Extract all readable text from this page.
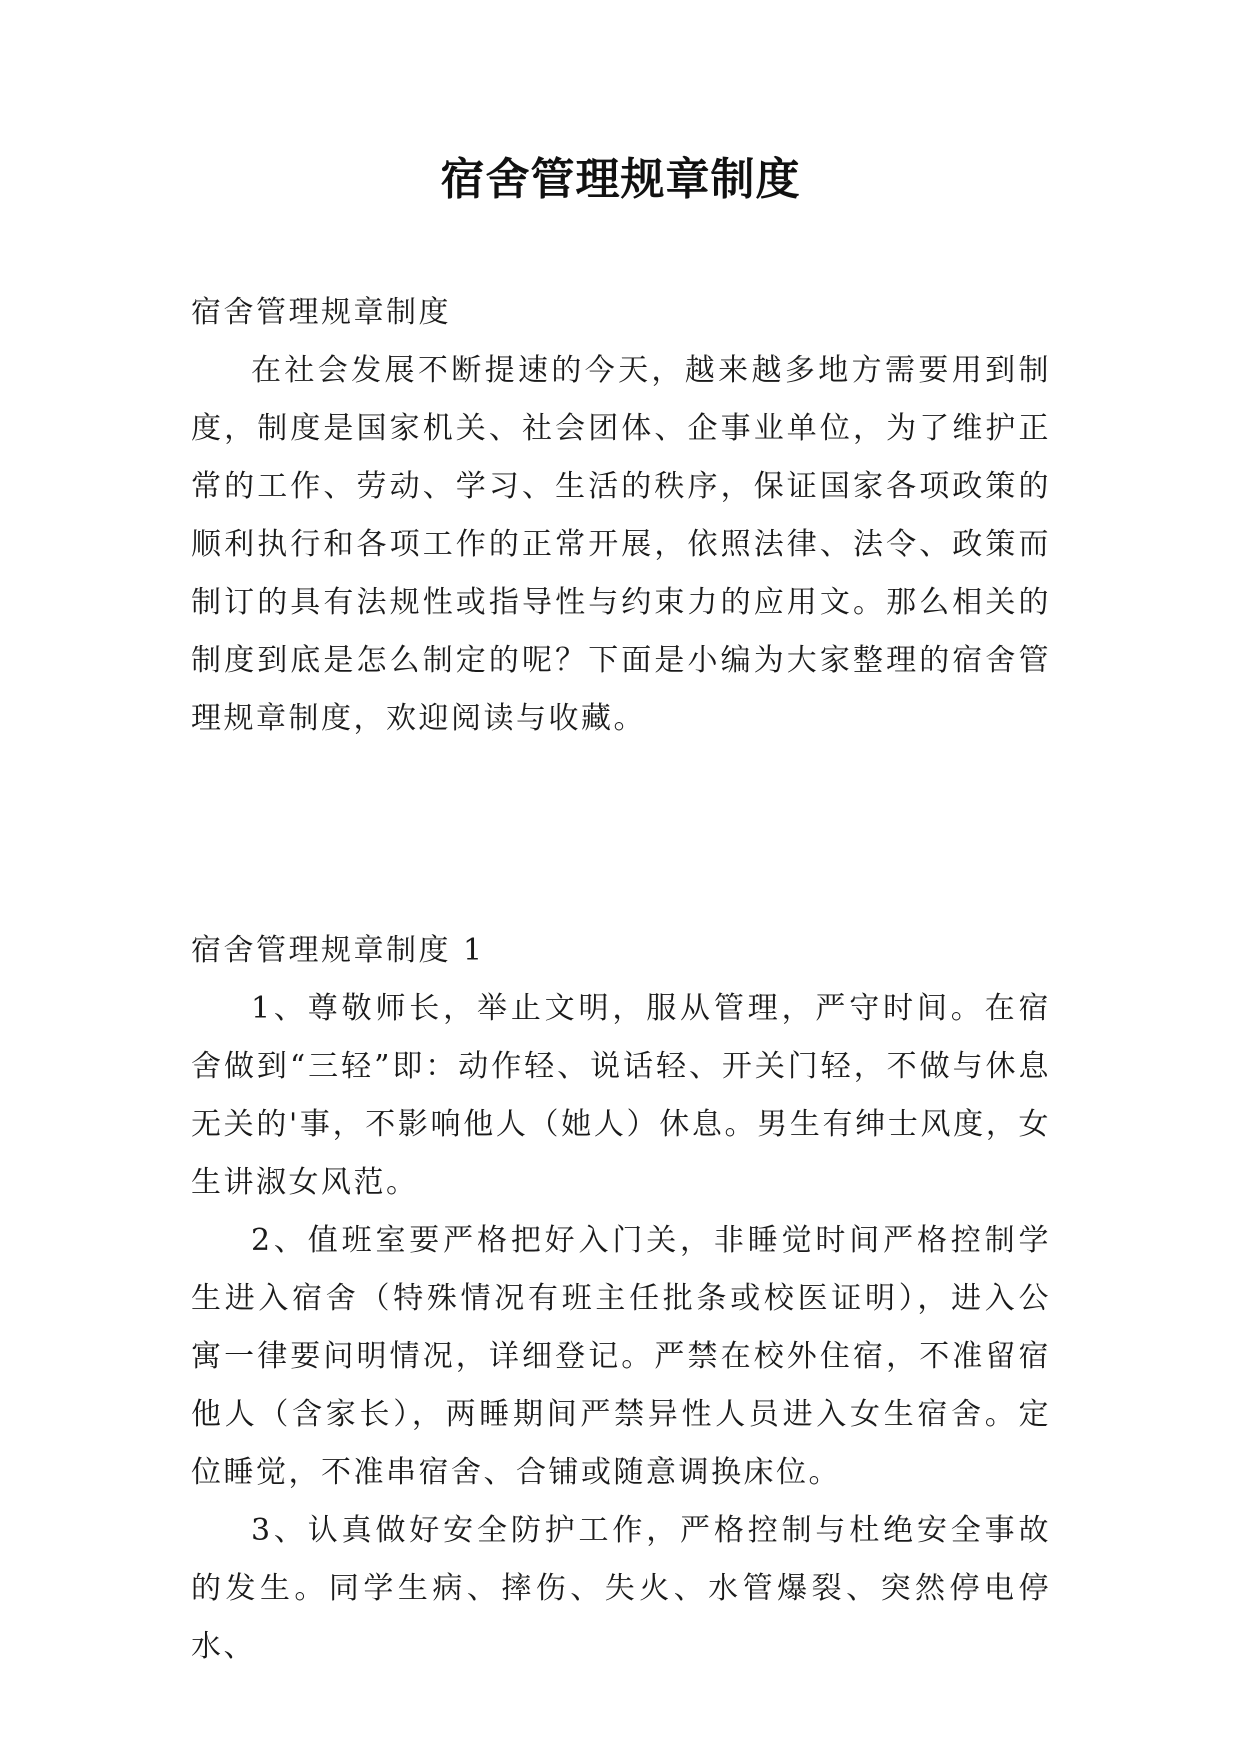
宿舍管理规章制度

宿舍管理规章制度

在社会发展不断提速的今天，越来越多地方需要用到制度，制度是国家机关、社会团体、企事业单位，为了维护正常的工作、劳动、学习、生活的秩序，保证国家各项政策的顺利执行和各项工作的正常开展，依照法律、法令、政策而制订的具有法规性或指导性与约束力的应用文。那么相关的制度到底是怎么制定的呢？下面是小编为大家整理的宿舍管理规章制度，欢迎阅读与收藏。

宿舍管理规章制度 1

1、尊敬师长，举止文明，服从管理，严守时间。在宿舍做到“三轻”即：动作轻、说话轻、开关门轻，不做与休息无关的'事，不影响他人（她人）休息。男生有绅士风度，女生讲淑女风范。

2、值班室要严格把好入门关，非睡觉时间严格控制学生进入宿舍（特殊情况有班主任批条或校医证明），进入公寓一律要问明情况，详细登记。严禁在校外住宿，不准留宿他人（含家长），两睡期间严禁异性人员进入女生宿舍。定位睡觉，不准串宿舍、合铺或随意调换床位。

3、认真做好安全防护工作，严格控制与杜绝安全事故的发生。同学生病、摔伤、失火、水管爆裂、突然停电停水、
